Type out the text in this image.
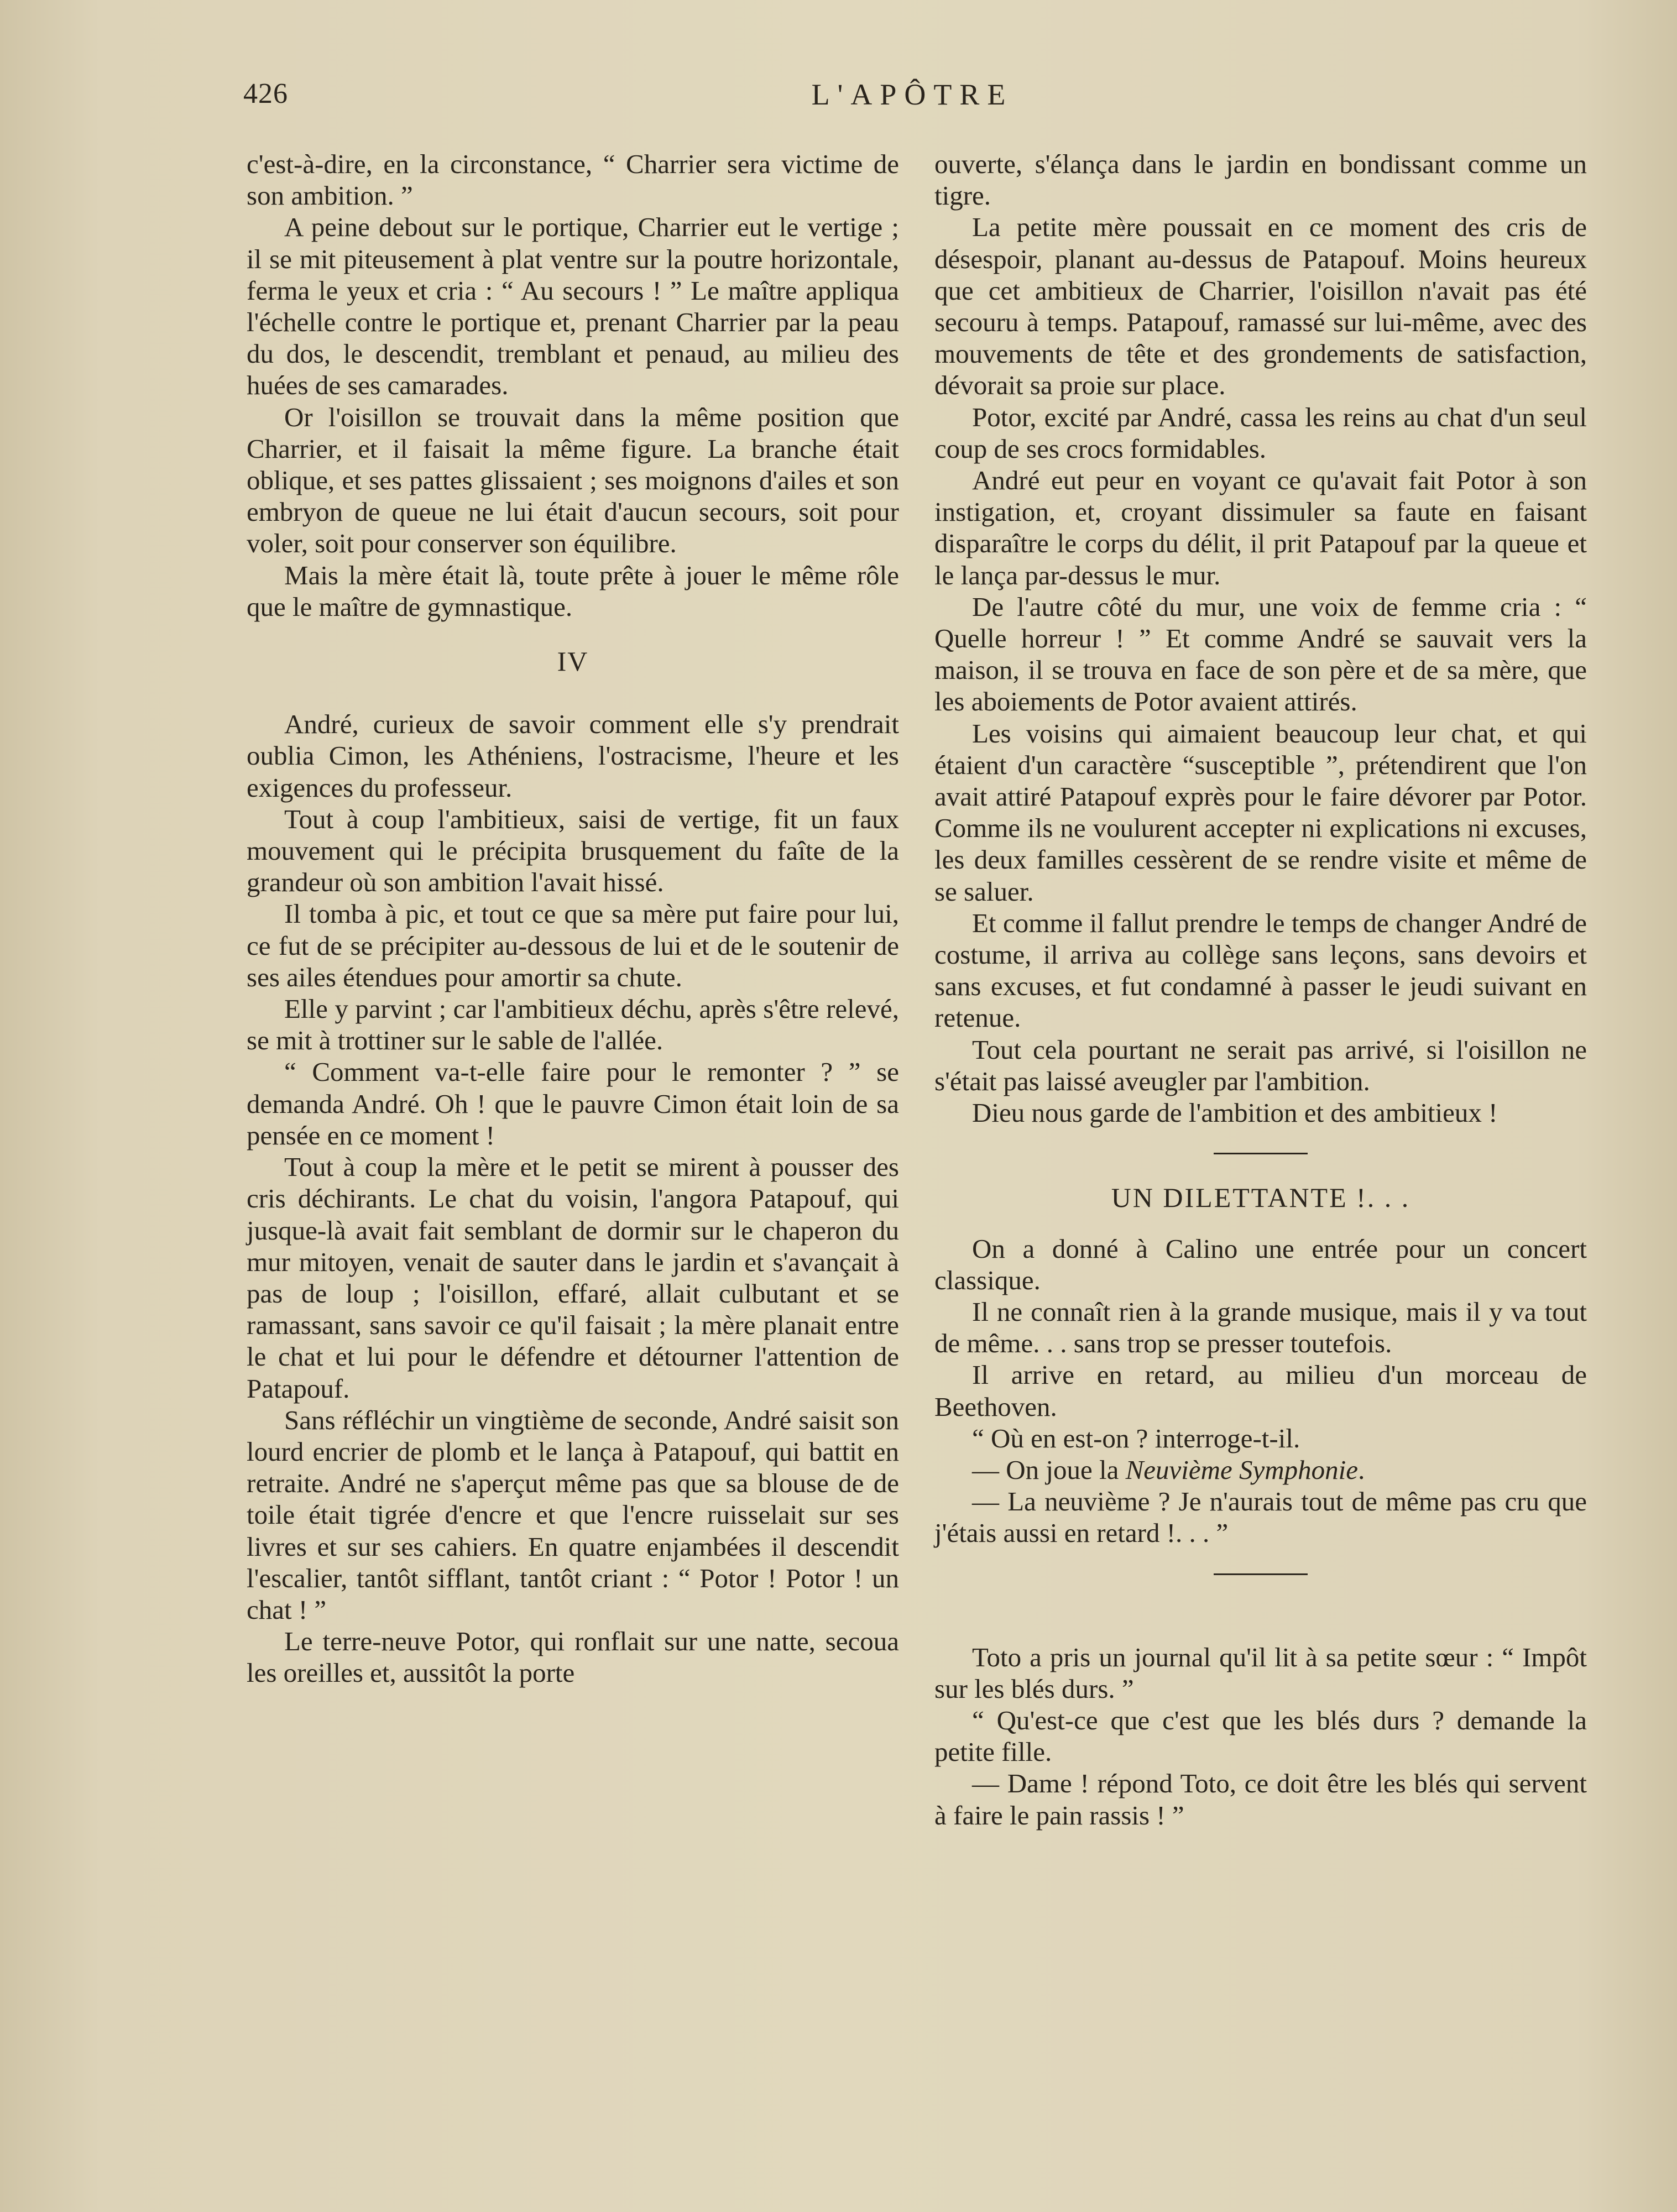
426	L'APÔTRE

c'est-à-dire, en la circonstance, “ Charrier sera victime de son ambition. ”

A peine debout sur le portique, Charrier eut le vertige ; il se mit piteusement à plat ventre sur la poutre horizontale, ferma le yeux et cria : “ Au secours ! ” Le maître appliqua l'échelle contre le portique et, prenant Charrier par la peau du dos, le descendit, tremblant et penaud, au milieu des huées de ses camarades.

Or l'oisillon se trouvait dans la même position que Charrier, et il faisait la même figure. La branche était oblique, et ses pattes glissaient ; ses moignons d'ailes et son embryon de queue ne lui était d'aucun secours, soit pour voler, soit pour conserver son équilibre.

Mais la mère était là, toute prête à jouer le même rôle que le maître de gymnastique.

IV

André, curieux de savoir comment elle s'y prendrait oublia Cimon, les Athéniens, l'ostracisme, l'heure et les exigences du professeur.

Tout à coup l'ambitieux, saisi de vertige, fit un faux mouvement qui le précipita brusquement du faîte de la grandeur où son ambition l'avait hissé.

Il tomba à pic, et tout ce que sa mère put faire pour lui, ce fut de se précipiter au-dessous de lui et de le soutenir de ses ailes étendues pour amortir sa chute.

Elle y parvint ; car l'ambitieux déchu, après s'être relevé, se mit à trottiner sur le sable de l'allée.

“ Comment va-t-elle faire pour le remonter ? ” se demanda André. Oh ! que le pauvre Cimon était loin de sa pensée en ce moment !

Tout à coup la mère et le petit se mirent à pousser des cris déchirants. Le chat du voisin, l'angora Patapouf, qui jusque-là avait fait semblant de dormir sur le chaperon du mur mitoyen, venait de sauter dans le jardin et s'avançait à pas de loup ; l'oisillon, effaré, allait culbutant et se ramassant, sans savoir ce qu'il faisait ; la mère planait entre le chat et lui pour le défendre et détourner l'attention de Patapouf.

Sans réfléchir un vingtième de seconde, André saisit son lourd encrier de plomb et le lança à Patapouf, qui battit en retraite. André ne s'aperçut même pas que sa blouse de de toile était tigrée d'encre et que l'encre ruisselait sur ses livres et sur ses cahiers. En quatre enjambées il descendit l'escalier, tantôt sifflant, tantôt criant : “ Potor ! Potor ! un chat ! ”

Le terre-neuve Potor, qui ronflait sur une natte, secoua les oreilles et, aussitôt la porte

ouverte, s'élança dans le jardin en bondissant comme un tigre.

La petite mère poussait en ce moment des cris de désespoir, planant au-dessus de Patapouf. Moins heureux que cet ambitieux de Charrier, l'oisillon n'avait pas été secouru à temps. Patapouf, ramassé sur lui-même, avec des mouvements de tête et des grondements de satisfaction, dévorait sa proie sur place.

Potor, excité par André, cassa les reins au chat d'un seul coup de ses crocs formidables.

André eut peur en voyant ce qu'avait fait Potor à son instigation, et, croyant dissimuler sa faute en faisant disparaître le corps du délit, il prit Patapouf par la queue et le lança par-dessus le mur.

De l'autre côté du mur, une voix de femme cria : “ Quelle horreur ! ” Et comme André se sauvait vers la maison, il se trouva en face de son père et de sa mère, que les aboiements de Potor avaient attirés.

Les voisins qui aimaient beaucoup leur chat, et qui étaient d'un caractère “susceptible ”, prétendirent que l'on avait attiré Patapouf exprès pour le faire dévorer par Potor. Comme ils ne voulurent accepter ni explications ni excuses, les deux familles cessèrent de se rendre visite et même de se saluer.

Et comme il fallut prendre le temps de changer André de costume, il arriva au collège sans leçons, sans devoirs et sans excuses, et fut condamné à passer le jeudi suivant en retenue.

Tout cela pourtant ne serait pas arrivé, si l'oisillon ne s'était pas laissé aveugler par l'ambition.

Dieu nous garde de l'ambition et des ambitieux !

UN DILETTANTE !. . .

On a donné à Calino une entrée pour un concert classique.

Il ne connaît rien à la grande musique, mais il y va tout de même. . . sans trop se presser toutefois.

Il arrive en retard, au milieu d'un morceau de Beethoven.

“ Où en est-on ? interroge-t-il.

— On joue la Neuvième Symphonie.

— La neuvième ? Je n'aurais tout de même pas cru que j'étais aussi en retard !. . . ”

Toto a pris un journal qu'il lit à sa petite sœur : “ Impôt sur les blés durs. ”

“ Qu'est-ce que c'est que les blés durs ? demande la petite fille.

— Dame ! répond Toto, ce doit être les blés qui servent à faire le pain rassis ! ”
